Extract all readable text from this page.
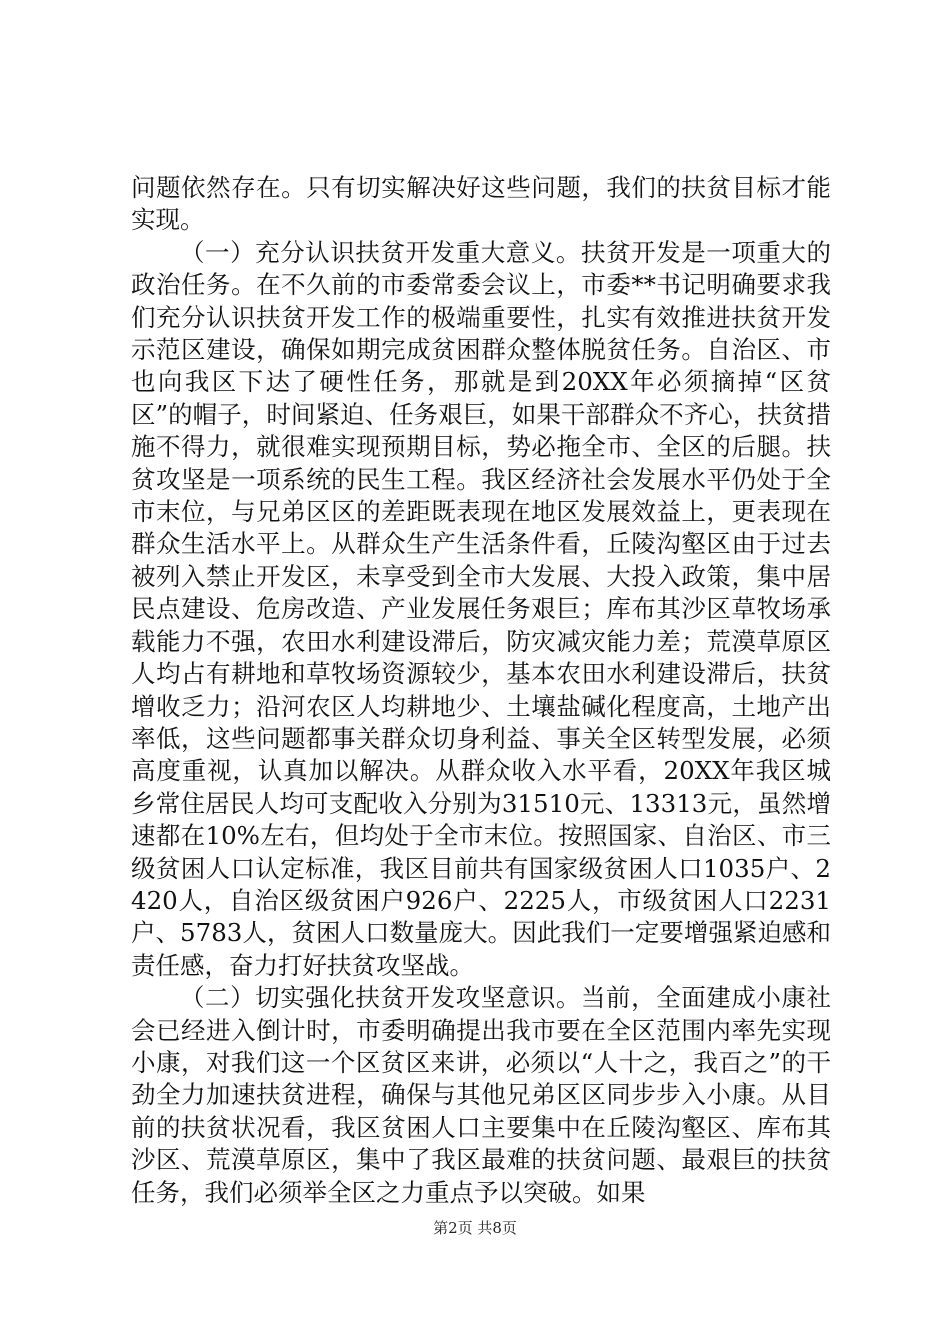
问题依然存在。只有切实解决好这些问题，我们的扶贫目标才能实现。

（一）充分认识扶贫开发重大意义。扶贫开发是一项重大的政治任务。在不久前的市委常委会议上，市委**书记明确要求我们充分认识扶贫开发工作的极端重要性，扎实有效推进扶贫开发示范区建设，确保如期完成贫困群众整体脱贫任务。自治区、市也向我区下达了硬性任务，那就是到20XX年必须摘掉“区贫区”的帽子，时间紧迫、任务艰巨，如果干部群众不齐心，扶贫措施不得力，就很难实现预期目标，势必拖全市、全区的后腿。扶贫攻坚是一项系统的民生工程。我区经济社会发展水平仍处于全市末位，与兄弟区区的差距既表现在地区发展效益上，更表现在群众生活水平上。从群众生产生活条件看，丘陵沟壑区由于过去被列入禁止开发区，未享受到全市大发展、大投入政策，集中居民点建设、危房改造、产业发展任务艰巨；库布其沙区草牧场承载能力不强，农田水利建设滞后，防灾减灾能力差；荒漠草原区人均占有耕地和草牧场资源较少，基本农田水利建设滞后，扶贫增收乏力；沿河农区人均耕地少、土壤盐碱化程度高，土地产出率低，这些问题都事关群众切身利益、事关全区转型发展，必须高度重视，认真加以解决。从群众收入水平看，20XX年我区城乡常住居民人均可支配收入分别为31510元、13313元，虽然增速都在10%左右，但均处于全市末位。按照国家、自治区、市三级贫困人口认定标准，我区目前共有国家级贫困人口1035户、2420人，自治区级贫困户926户、2225人，市级贫困人口2231户、5783人，贫困人口数量庞大。因此我们一定要增强紧迫感和责任感，奋力打好扶贫攻坚战。

（二）切实强化扶贫开发攻坚意识。当前，全面建成小康社会已经进入倒计时，市委明确提出我市要在全区范围内率先实现小康，对我们这一个区贫区来讲，必须以“人十之，我百之”的干劲全力加速扶贫进程，确保与其他兄弟区区同步步入小康。从目前的扶贫状况看，我区贫困人口主要集中在丘陵沟壑区、库布其沙区、荒漠草原区，集中了我区最难的扶贫问题、最艰巨的扶贫任务，我们必须举全区之力重点予以突破。如果

第2页 共8页
